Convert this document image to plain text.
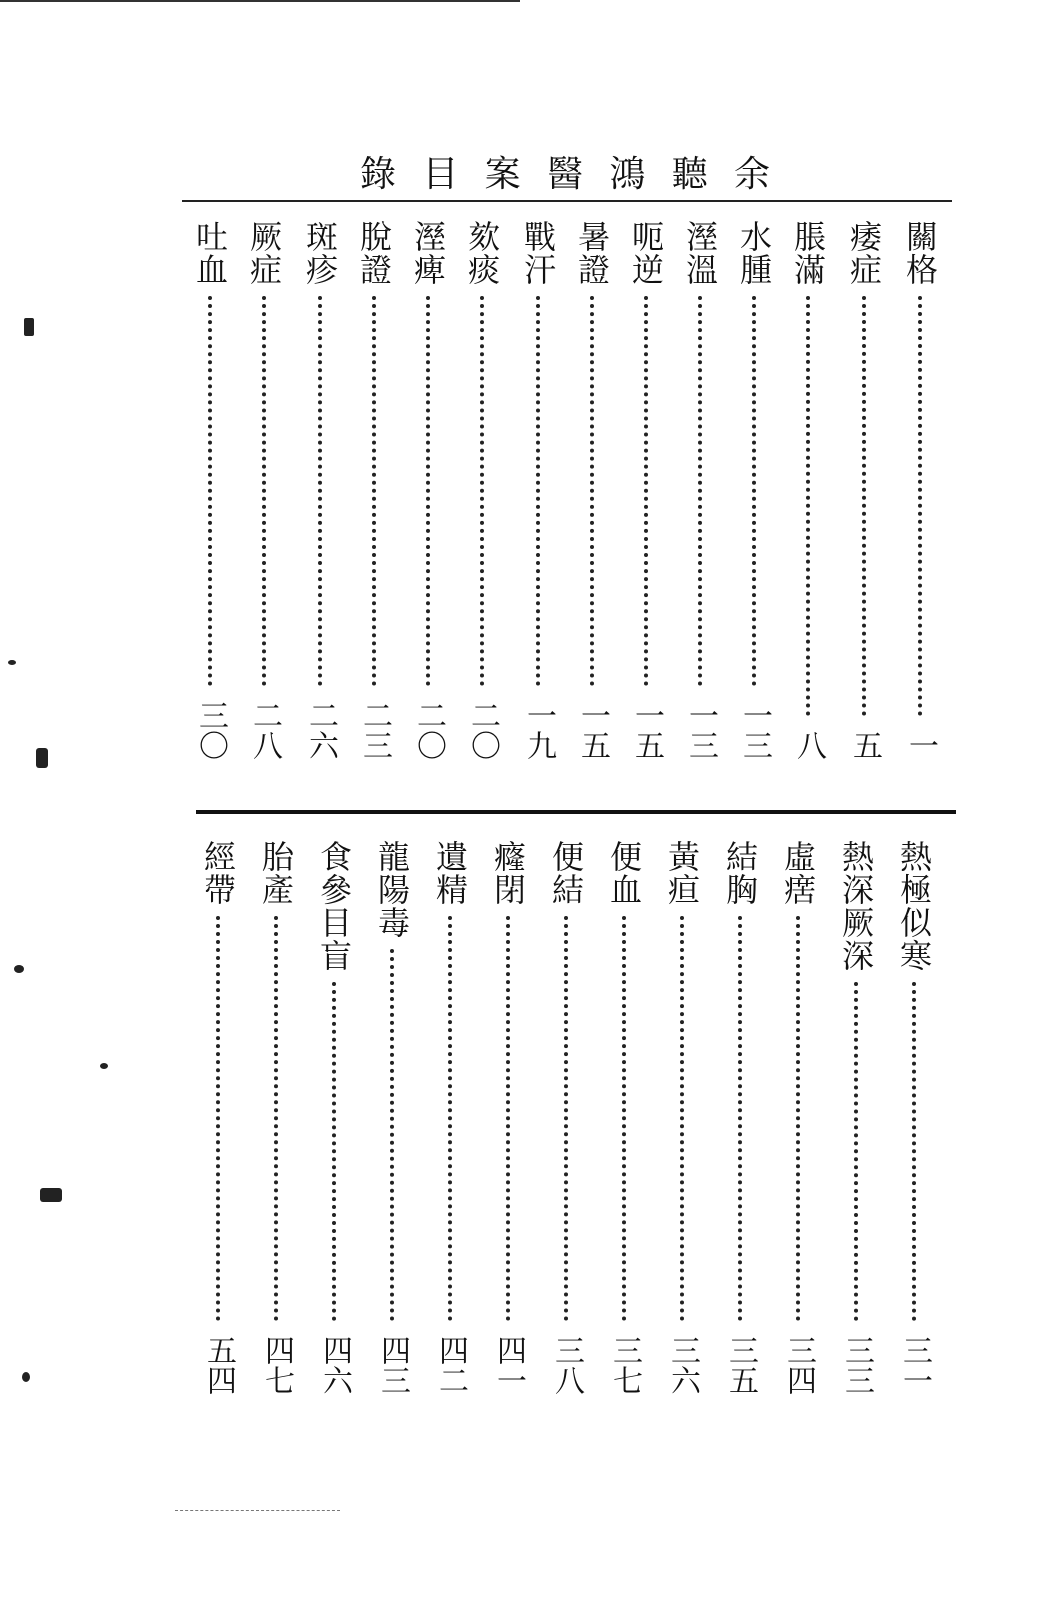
錄 目 案 醫 鴻 聽 余
關格
一
痿症
五
脹滿
八
水腫
一三
溼溫
一三
呃逆
一五
暑證
一五
戰汗
一九
欬痰
二〇
溼痺
二〇
脫證
二三
斑疹
二六
厥症
二八
吐血
三〇
熱極似寒
三一
熱深厥深
三三
虛瘔
三四
結胸
三五
黃疸
三六
便血
三七
便結
三八
癃閉
四一
遺精
四二
龍陽毒
四三
食參目盲
四六
胎產
四七
經帶
五四
